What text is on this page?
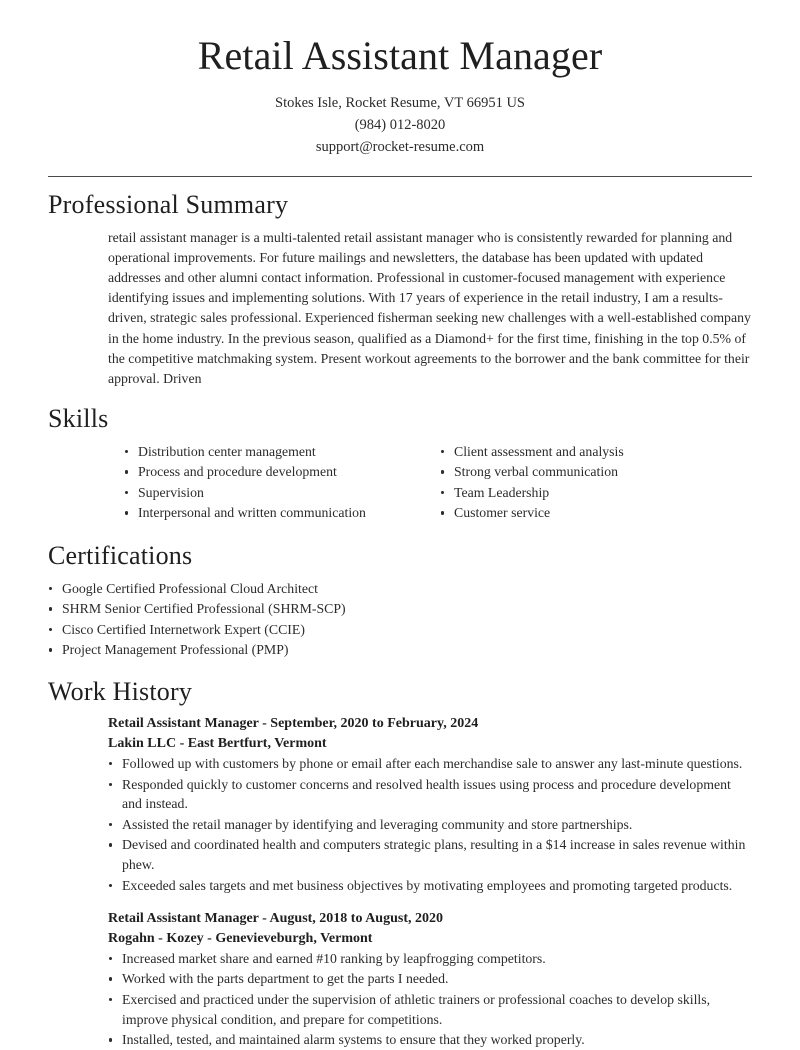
Retail Assistant Manager
Stokes Isle, Rocket Resume, VT 66951 US
(984) 012-8020
support@rocket-resume.com
Professional Summary

retail assistant manager is a multi-talented retail assistant manager who is consistently rewarded for planning and operational improvements. For future mailings and newsletters, the database has been updated with updated addresses and other alumni contact information. Professional in customer-focused management with experience identifying issues and implementing solutions. With 17 years of experience in the retail industry, I am a results-driven, strategic sales professional. Experienced fisherman seeking new challenges with a well-established company in the home industry. In the previous season, qualified as a Diamond+ for the first time, finishing in the top 0.5% of the competitive matchmaking system. Present workout agreements to the borrower and the bank committee for their approval. Driven

Skills
Distribution center management
Process and procedure development
Supervision
Interpersonal and written communication
Client assessment and analysis
Strong verbal communication
Team Leadership
Customer service
Certifications
Google Certified Professional Cloud Architect
SHRM Senior Certified Professional (SHRM-SCP)
Cisco Certified Internetwork Expert (CCIE)
Project Management Professional (PMP)
Work History
Retail Assistant Manager - September, 2020 to February, 2024
Lakin LLC - East Bertfurt, Vermont
Followed up with customers by phone or email after each merchandise sale to answer any last-minute questions.
Responded quickly to customer concerns and resolved health issues using process and procedure development and instead.
Assisted the retail manager by identifying and leveraging community and store partnerships.
Devised and coordinated health and computers strategic plans, resulting in a $14 increase in sales revenue within phew.
Exceeded sales targets and met business objectives by motivating employees and promoting targeted products.
Retail Assistant Manager - August, 2018 to August, 2020
Rogahn - Kozey - Genevieveburgh, Vermont
Increased market share and earned #10 ranking by leapfrogging competitors.
Worked with the parts department to get the parts I needed.
Exercised and practiced under the supervision of athletic trainers or professional coaches to develop skills, improve physical condition, and prepare for competitions.
Installed, tested, and maintained alarm systems to ensure that they worked properly.
